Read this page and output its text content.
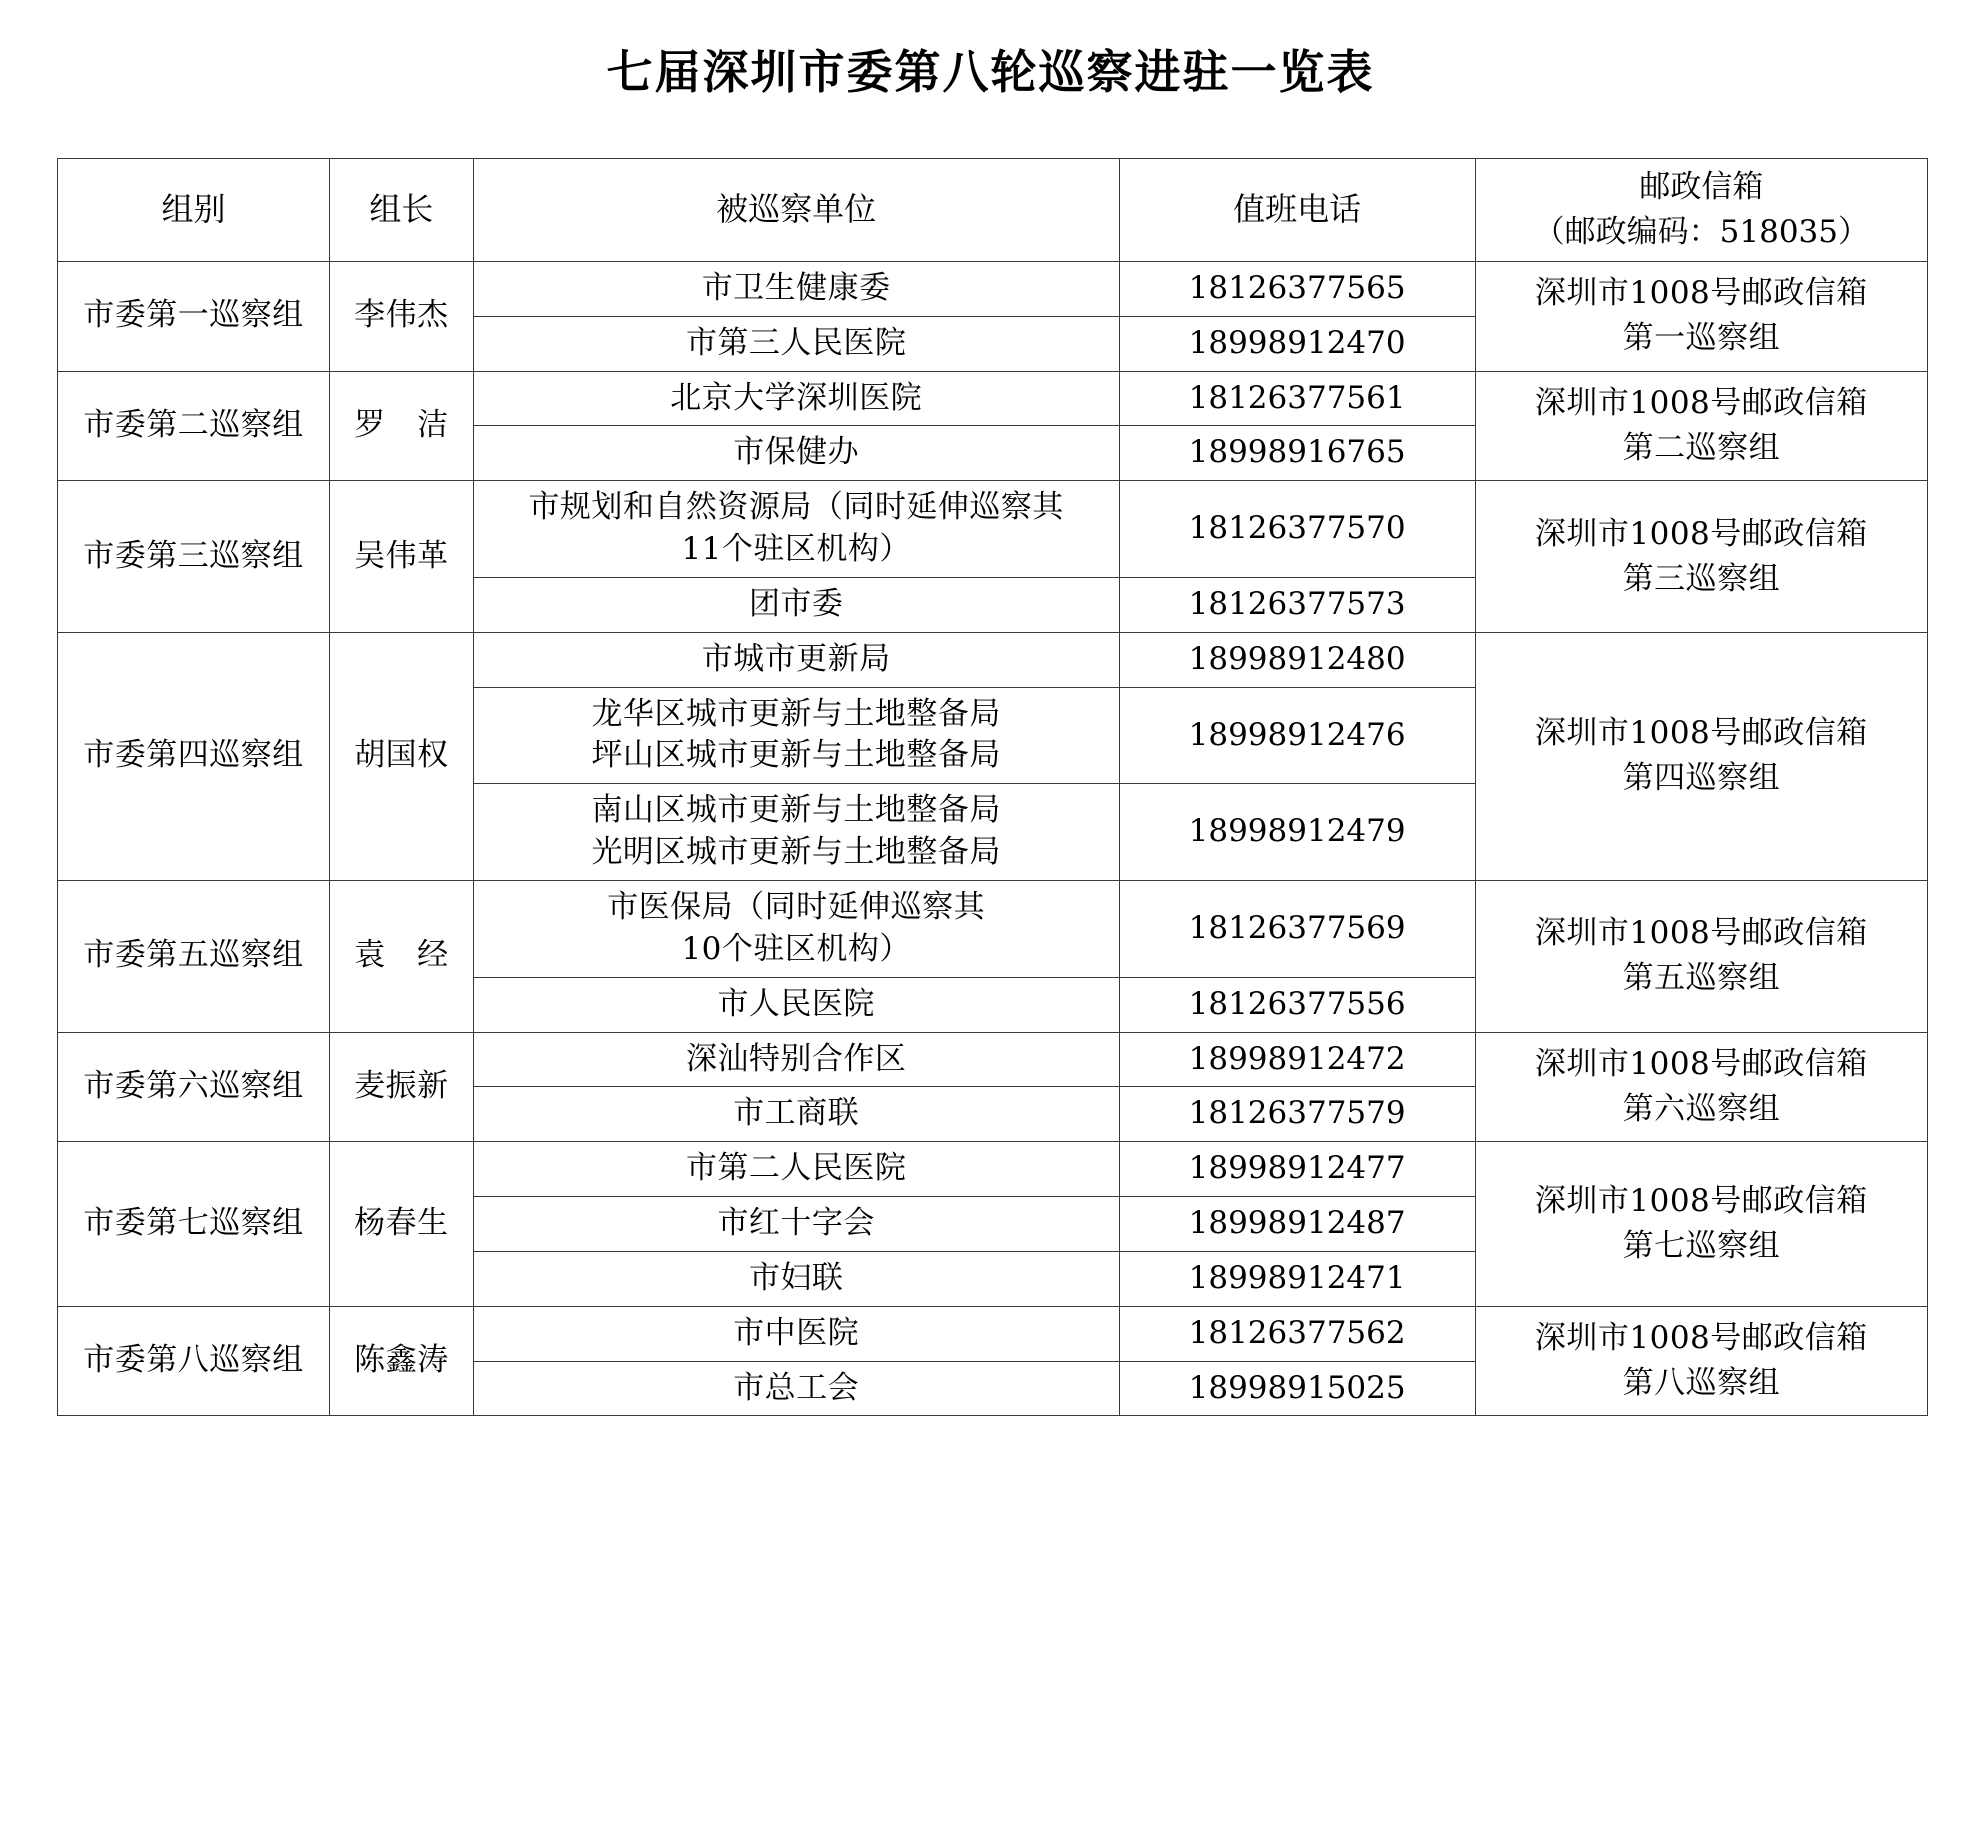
七届深圳市委第八轮巡察进驻一览表
组别	组长	被巡察单位	值班电话	邮政信箱
（邮政编码：518035）

市委第一巡察组	李伟杰	市卫生健康委	18126377565	深圳市1008号邮政信箱
第一巡察组

		市第三人民医院	18998912470	
市委第二巡察组	罗　洁	北京大学深圳医院	18126377561	深圳市1008号邮政信箱
第二巡察组

		市保健办	18998916765	
市委第三巡察组	吴伟革	市规划和自然资源局（同时延伸巡察其
11个驻区机构）	18126377570	深圳市1008号邮政信箱
第三巡察组

		团市委	18126377573	
市委第四巡察组	胡国权	市城市更新局	18998912480	深圳市1008号邮政信箱
第四巡察组

		龙华区城市更新与土地整备局
坪山区城市更新与土地整备局	18998912476	

		南山区城市更新与土地整备局
光明区城市更新与土地整备局	18998912479	
市委第五巡察组	袁　经	市医保局（同时延伸巡察其
10个驻区机构）	18126377569	深圳市1008号邮政信箱
第五巡察组

		市人民医院	18126377556	
市委第六巡察组	麦振新	深汕特别合作区	18998912472	深圳市1008号邮政信箱
第六巡察组

		市工商联	18126377579	
市委第七巡察组	杨春生	市第二人民医院	18998912477	深圳市1008号邮政信箱
第七巡察组

		市红十字会	18998912487	

		市妇联	18998912471	
市委第八巡察组	陈鑫涛	市中医院	18126377562	深圳市1008号邮政信箱
第八巡察组

		市总工会	18998915025	
